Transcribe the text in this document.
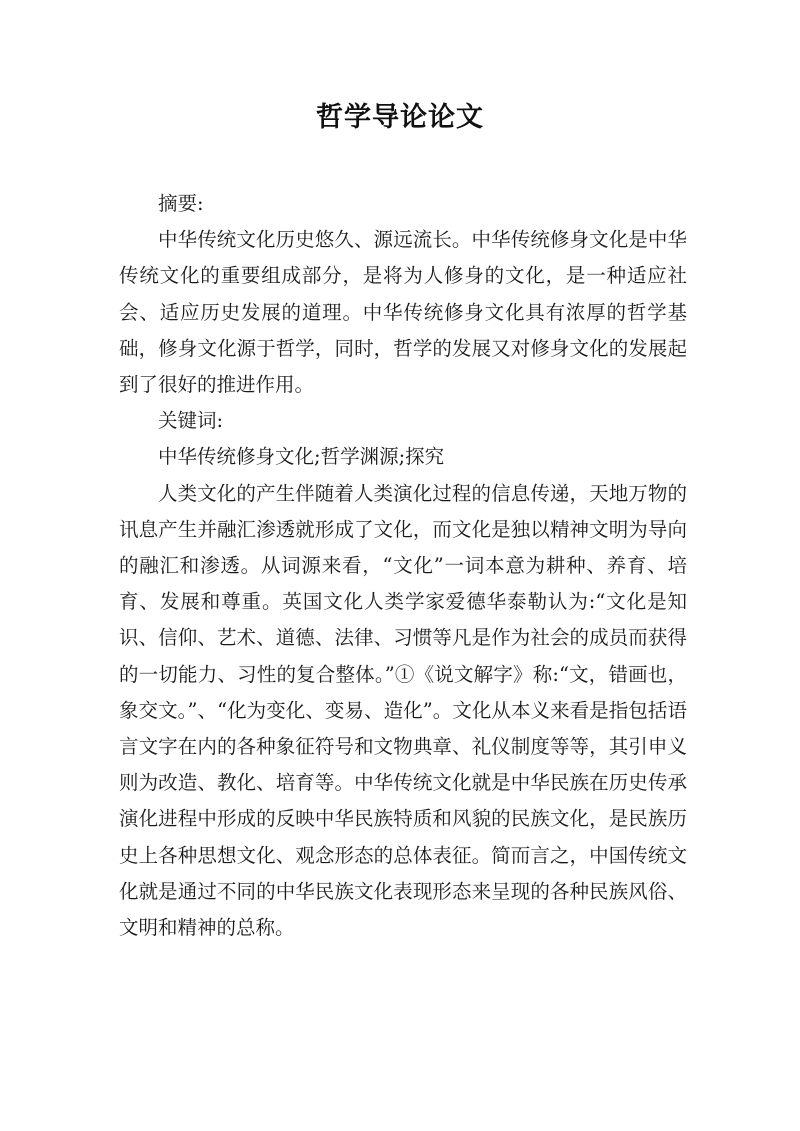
哲学导论论文

摘要:

中华传统文化历史悠久、源远流长。中华传统修身文化是中华传统文化的重要组成部分，是将为人修身的文化，是一种适应社会、适应历史发展的道理。中华传统修身文化具有浓厚的哲学基础，修身文化源于哲学，同时，哲学的发展又对修身文化的发展起到了很好的推进作用。

关键词:

中华传统修身文化;哲学渊源;探究

人类文化的产生伴随着人类演化过程的信息传递，天地万物的讯息产生并融汇渗透就形成了文化，而文化是独以精神文明为导向的融汇和渗透。从词源来看，“文化”一词本意为耕种、养育、培育、发展和尊重。英国文化人类学家爱德华泰勒认为:“文化是知识、信仰、艺术、道德、法律、习惯等凡是作为社会的成员而获得的一切能力、习性的复合整体。”①《说文解字》称:“文，错画也，象交文。”、“化为变化、变易、造化”。文化从本义来看是指包括语言文字在内的各种象征符号和文物典章、礼仪制度等等，其引申义则为改造、教化、培育等。中华传统文化就是中华民族在历史传承演化进程中形成的反映中华民族特质和风貌的民族文化，是民族历史上各种思想文化、观念形态的总体表征。简而言之，中国传统文化就是通过不同的中华民族文化表现形态来呈现的各种民族风俗、文明和精神的总称。
